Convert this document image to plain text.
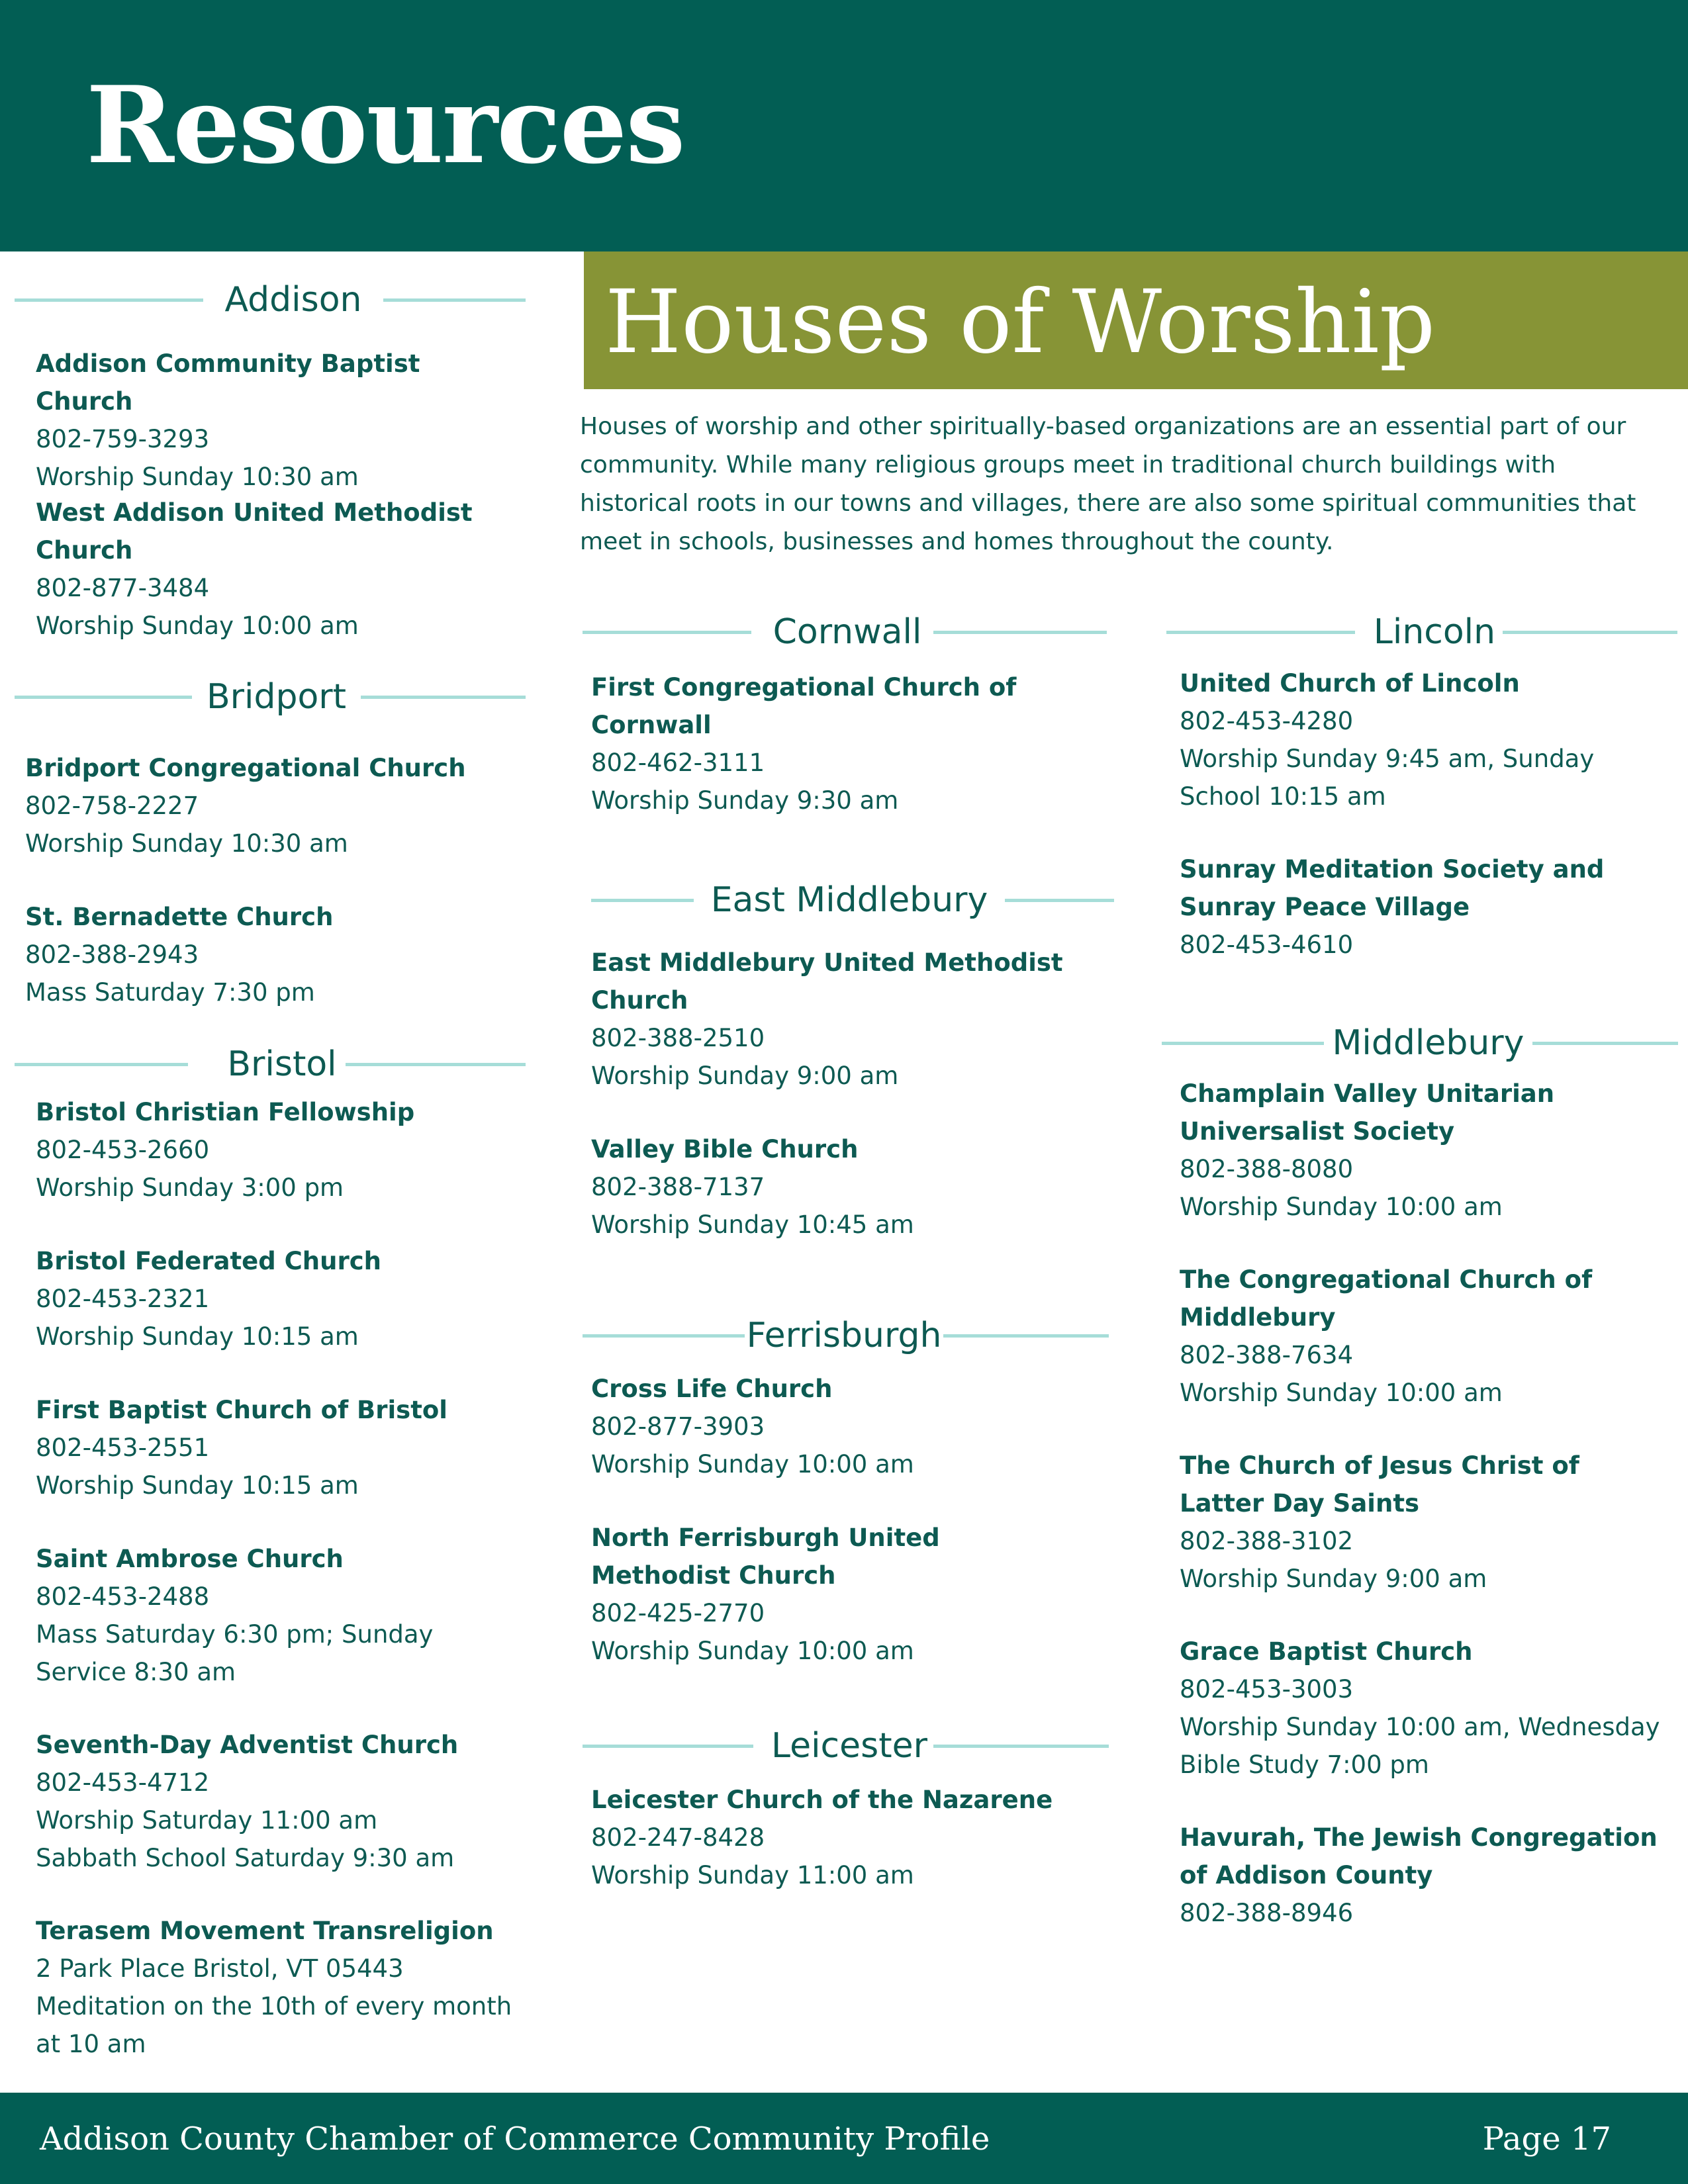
Resources
Houses of Worship

Houses of worship and other spiritually-based organizations are an essential part of our community. While many religious groups meet in traditional church buildings with historical roots in our towns and villages, there are also some spiritual communities that meet in schools, businesses and homes throughout the county.

Addison
Addison Community Baptist Church
802-759-3293
Worship Sunday 10:30 am
West Addison United Methodist Church
802-877-3484
Worship Sunday 10:00 am
Bridport
Bridport Congregational Church
802-758-2227
Worship Sunday 10:30 am
St. Bernadette Church
802-388-2943
Mass Saturday 7:30 pm
Bristol
Bristol Christian Fellowship
802-453-2660
Worship Sunday 3:00 pm
Bristol Federated Church
802-453-2321
Worship Sunday 10:15 am
First Baptist Church of Bristol
802-453-2551
Worship Sunday 10:15 am
Saint Ambrose Church
802-453-2488
Mass Saturday 6:30 pm; Sunday Service 8:30 am
Seventh-Day Adventist Church
802-453-4712
Worship Saturday 11:00 am
Sabbath School Saturday 9:30 am
Terasem Movement Transreligion
2 Park Place Bristol, VT 05443
Meditation on the 10th of every month at 10 am
Cornwall
First Congregational Church of Cornwall
802-462-3111
Worship Sunday 9:30 am
East Middlebury
East Middlebury United Methodist Church
802-388-2510
Worship Sunday 9:00 am
Valley Bible Church
802-388-7137
Worship Sunday 10:45 am
Ferrisburgh
Cross Life Church
802-877-3903
Worship Sunday 10:00 am
North Ferrisburgh United Methodist Church
802-425-2770
Worship Sunday 10:00 am
Leicester
Leicester Church of the Nazarene
802-247-8428
Worship Sunday 11:00 am
Lincoln
United Church of Lincoln
802-453-4280
Worship Sunday 9:45 am, Sunday School 10:15 am
Sunray Meditation Society and Sunray Peace Village
802-453-4610
Middlebury
Champlain Valley Unitarian Universalist Society
802-388-8080
Worship Sunday 10:00 am
The Congregational Church of Middlebury
802-388-7634
Worship Sunday 10:00 am
The Church of Jesus Christ of Latter Day Saints
802-388-3102
Worship Sunday 9:00 am
Grace Baptist Church
802-453-3003
Worship Sunday 10:00 am, Wednesday Bible Study 7:00 pm
Havurah, The Jewish Congregation of Addison County
802-388-8946
Addison County Chamber of Commerce Community Profile	Page 17
